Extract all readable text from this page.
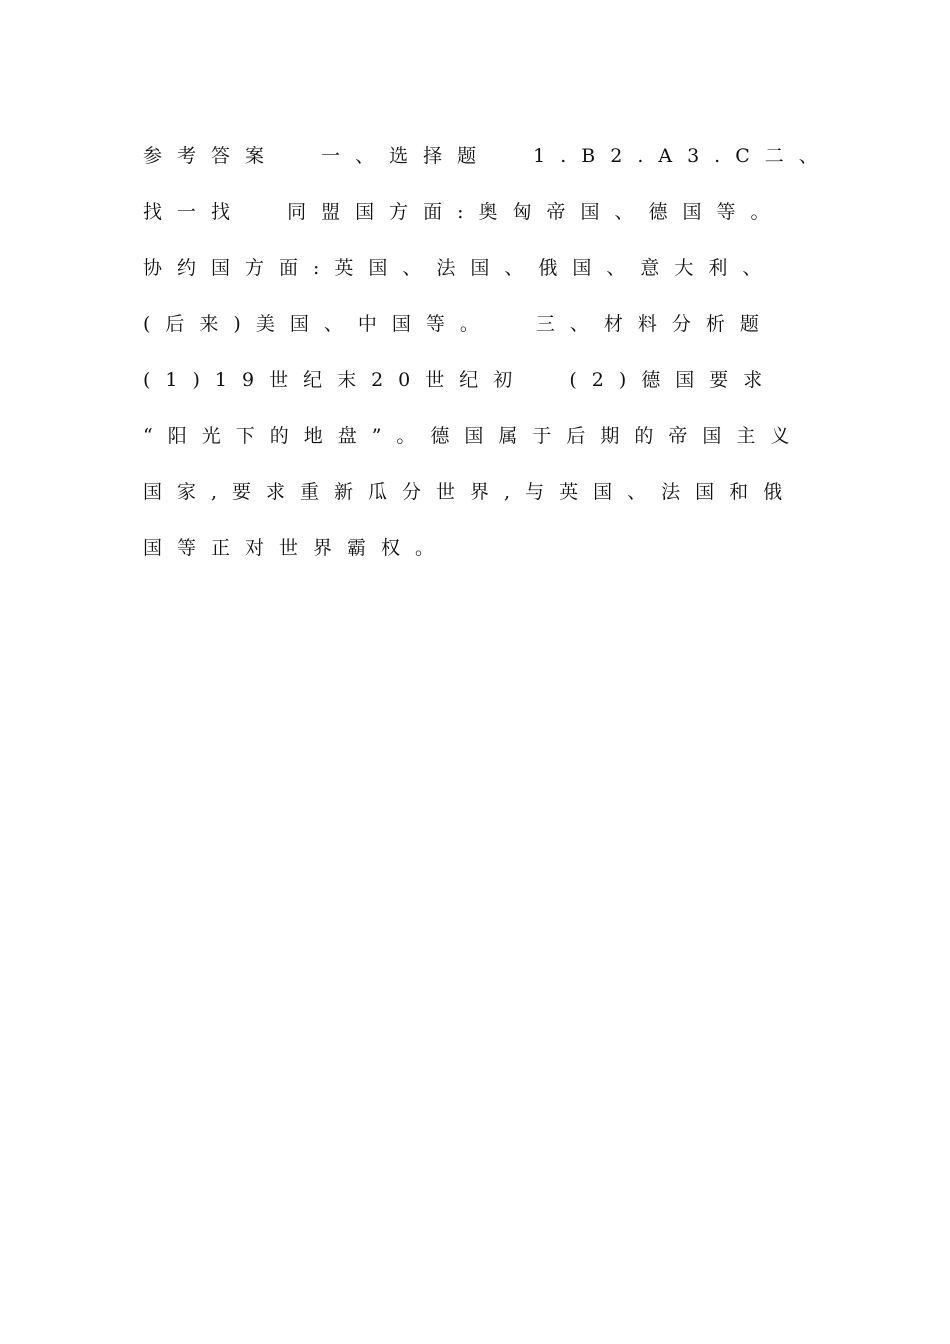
参考答案  一、选择题  1.B2.A3.C二、
找一找  同盟国方面:奥匈帝国、德国等。
协约国方面:英国、法国、俄国、意大利、
(后来)美国、中国等。  三、材料分析题
(1)19世纪末20世纪初  (2)德国要求
“阳光下的地盘”。德国属于后期的帝国主义
国家,要求重新瓜分世界,与英国、法国和俄
国等正对世界霸权。
